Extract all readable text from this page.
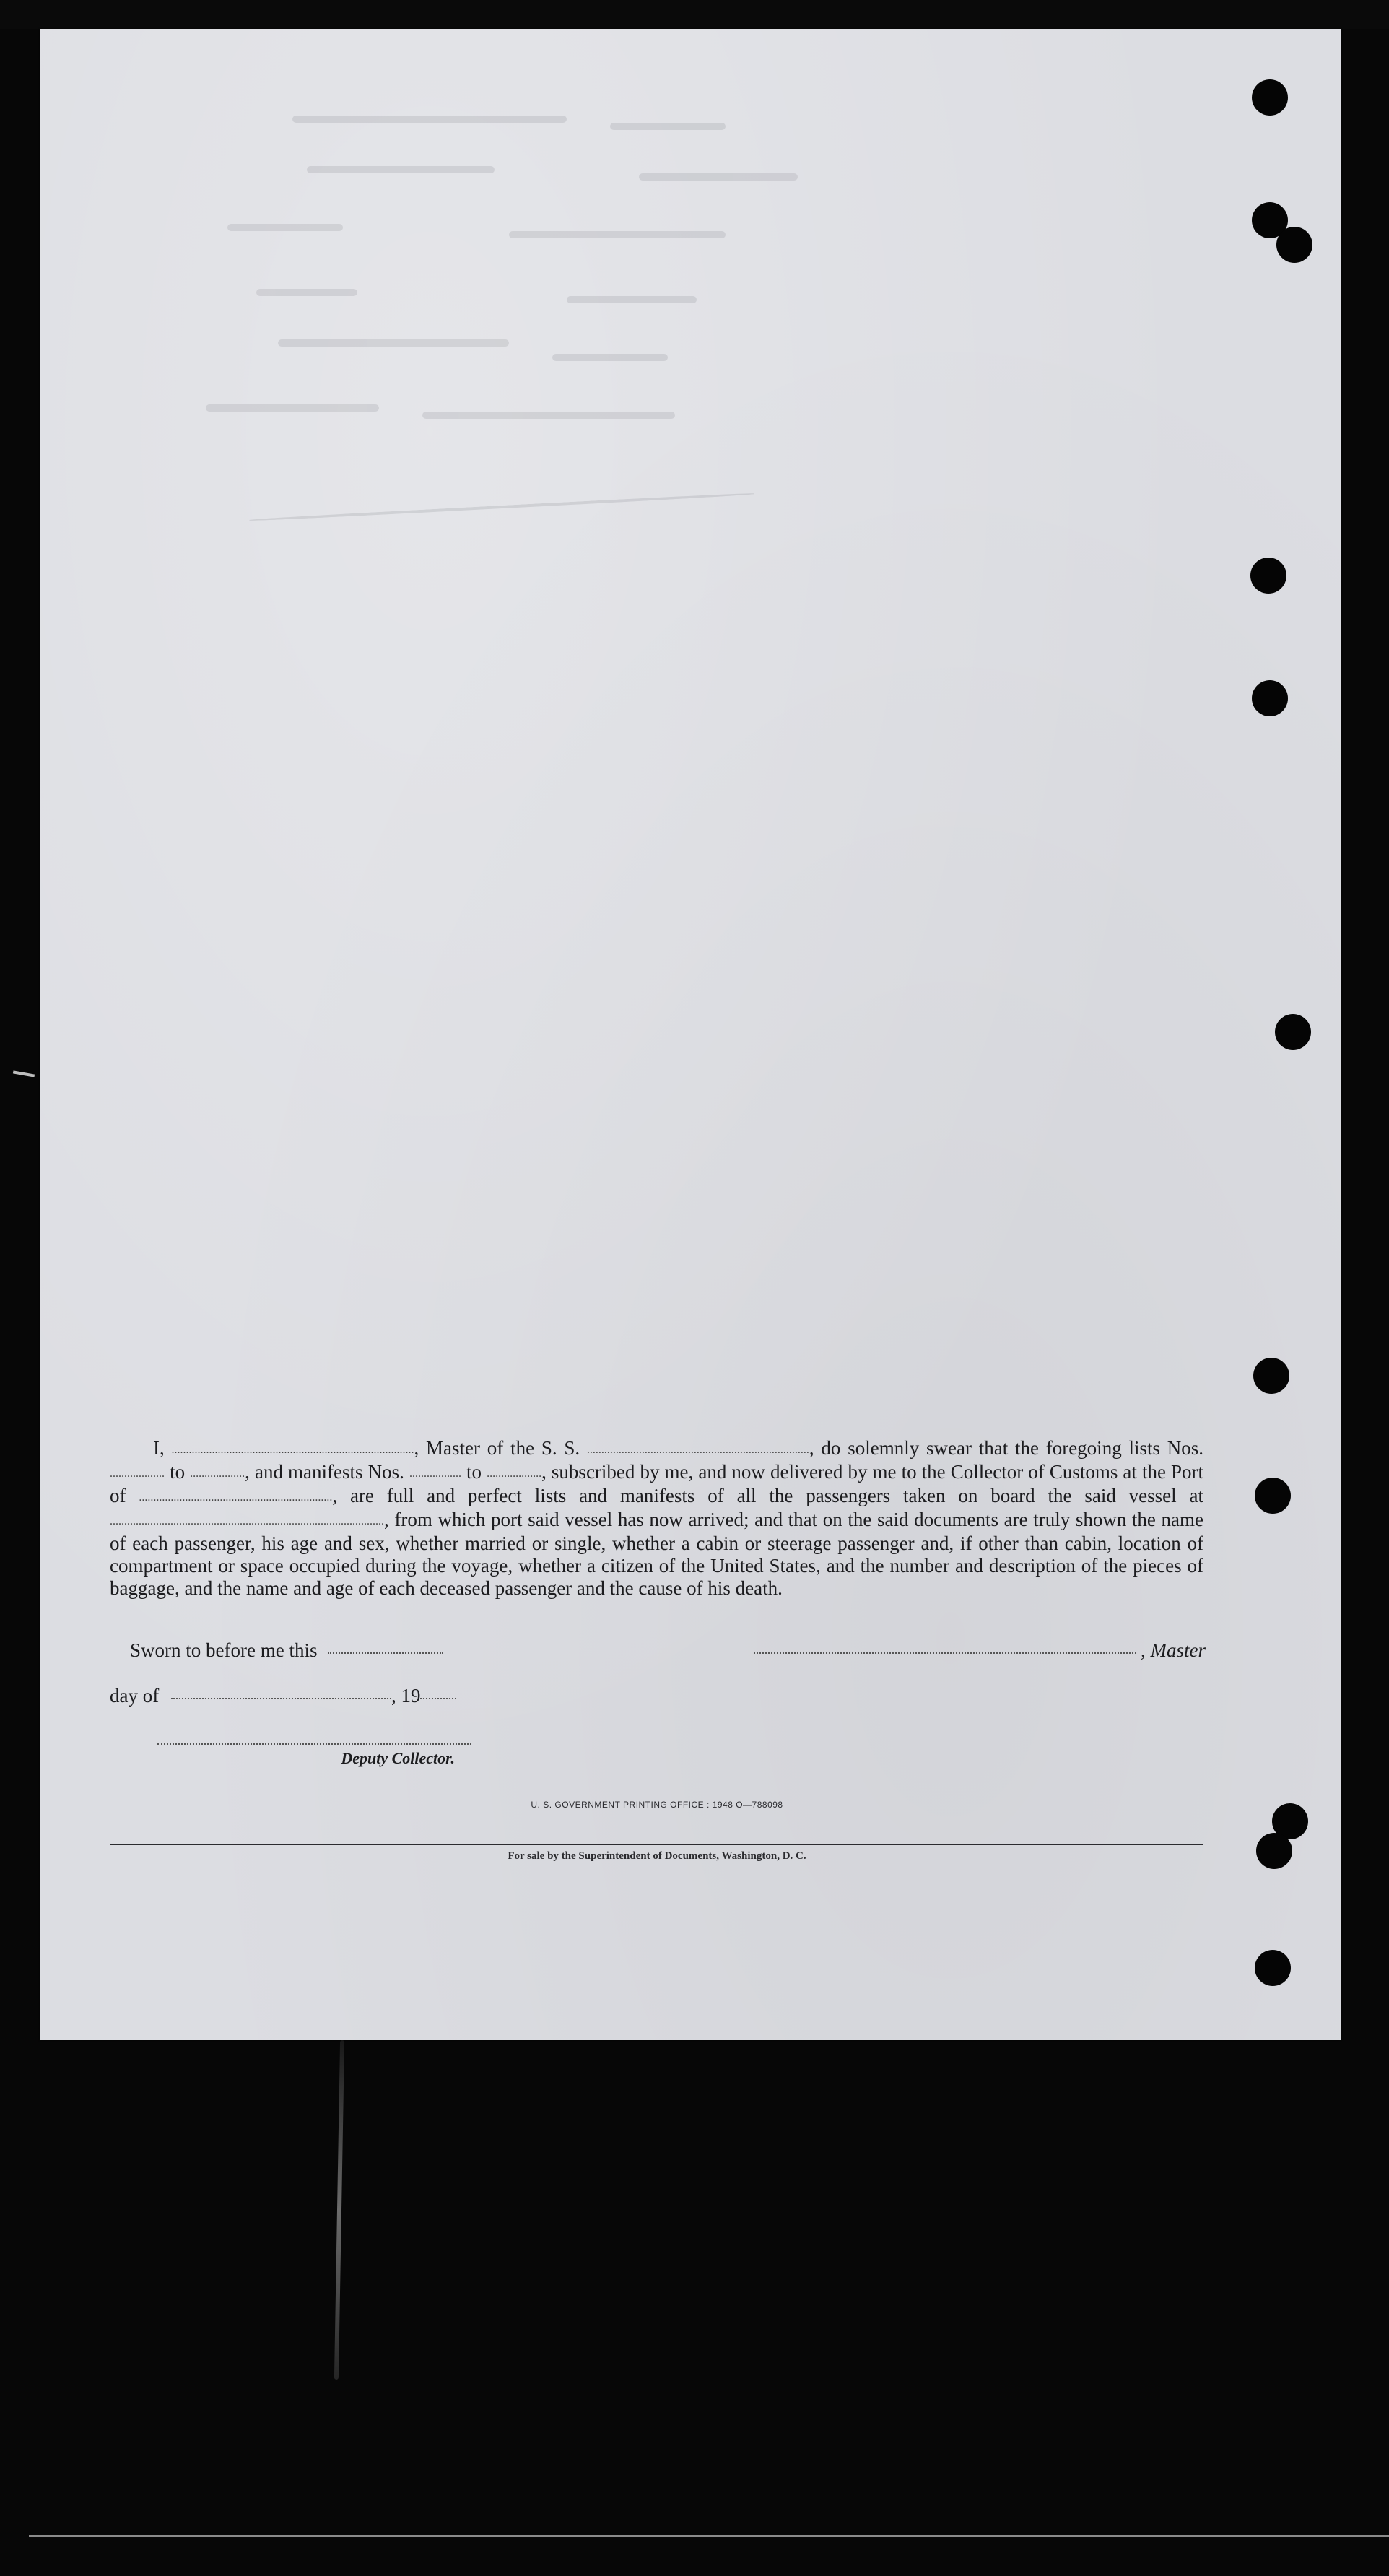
I, ...................................................................................., Master of the S. S. ............................................................................., do solemnly swear that the foregoing lists Nos. ................... to ..................., and manifests Nos. .................. to ..................., subscribed by me, and now delivered by me to the Collector of Customs at the Port of ..................................................................., are full and perfect lists and manifests of all the passengers taken on board the said vessel at ..............................................................................................., from which port said vessel has now arrived; and that on the said documents are truly shown the name of each passenger, his age and sex, whether married or single, whether a cabin or steerage passenger and, if other than cabin, location of compartment or space occupied during the voyage, whether a citizen of the United States, and the number and description of the pieces of baggage, and the name and age of each deceased passenger and the cause of his death.

Sworn to before me this	, Master
day of	, 19
Deputy Collector.
U. S. GOVERNMENT PRINTING OFFICE : 1948 O—788098
For sale by the Superintendent of Documents, Washington, D. C.
